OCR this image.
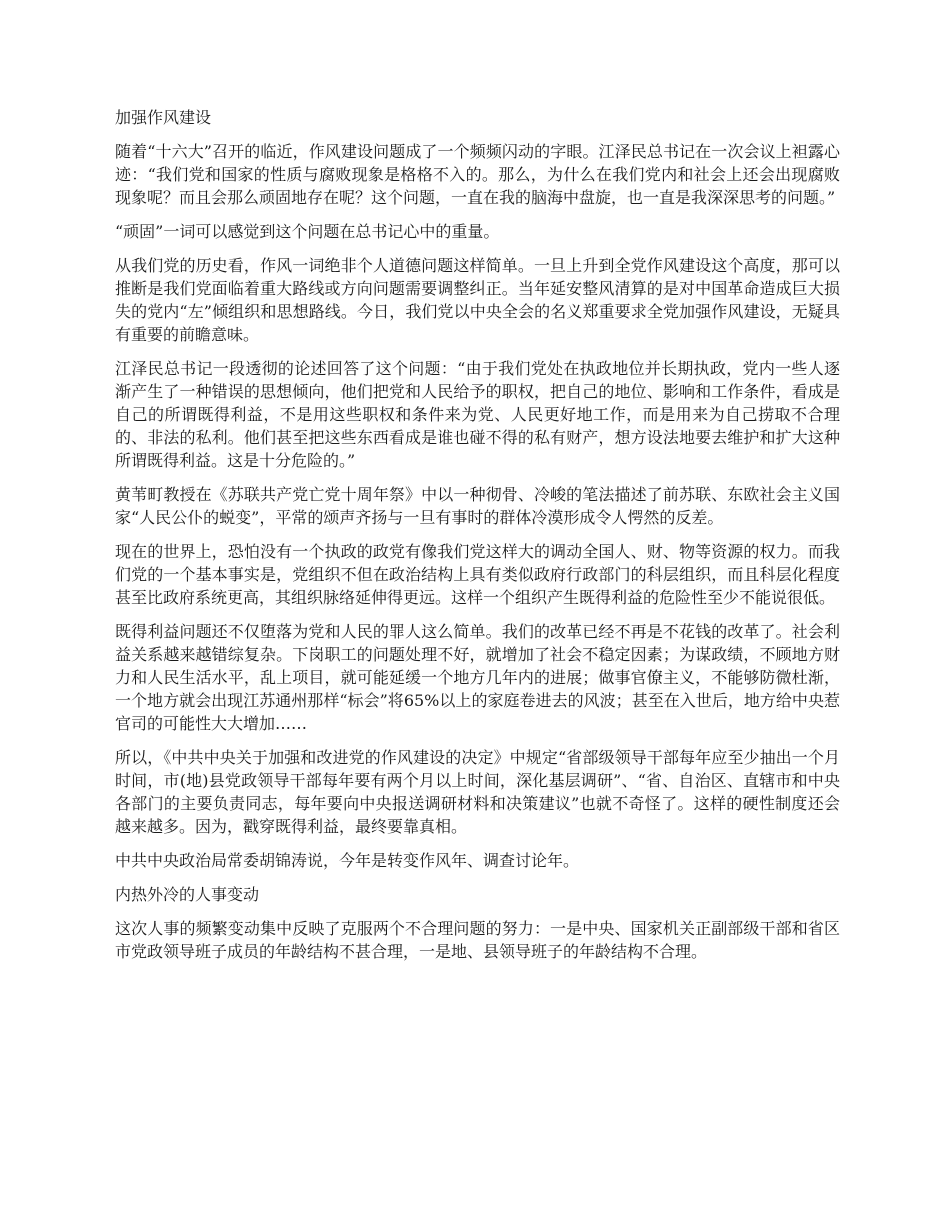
加强作风建设

随着“十六大”召开的临近，作风建设问题成了一个频频闪动的字眼。江泽民总书记在一次会议上袒露心迹：“我们党和国家的性质与腐败现象是格格不入的。那么，为什么在我们党内和社会上还会出现腐败现象呢？而且会那么顽固地存在呢？这个问题，一直在我的脑海中盘旋，也一直是我深深思考的问题。”

“顽固”一词可以感觉到这个问题在总书记心中的重量。

从我们党的历史看，作风一词绝非个人道德问题这样简单。一旦上升到全党作风建设这个高度，那可以推断是我们党面临着重大路线或方向问题需要调整纠正。当年延安整风清算的是对中国革命造成巨大损失的党内“左”倾组织和思想路线。今日，我们党以中央全会的名义郑重要求全党加强作风建设，无疑具有重要的前瞻意味。

江泽民总书记一段透彻的论述回答了这个问题：“由于我们党处在执政地位并长期执政，党内一些人逐渐产生了一种错误的思想倾向，他们把党和人民给予的职权，把自己的地位、影响和工作条件，看成是自己的所谓既得利益，不是用这些职权和条件来为党、人民更好地工作，而是用来为自己捞取不合理的、非法的私利。他们甚至把这些东西看成是谁也碰不得的私有财产，想方设法地要去维护和扩大这种所谓既得利益。这是十分危险的。”

黄苇町教授在《苏联共产党亡党十周年祭》中以一种彻骨、冷峻的笔法描述了前苏联、东欧社会主义国家“人民公仆的蜕变”，平常的颂声齐扬与一旦有事时的群体冷漠形成令人愕然的反差。

现在的世界上，恐怕没有一个执政的政党有像我们党这样大的调动全国人、财、物等资源的权力。而我们党的一个基本事实是，党组织不但在政治结构上具有类似政府行政部门的科层组织，而且科层化程度甚至比政府系统更高，其组织脉络延伸得更远。这样一个组织产生既得利益的危险性至少不能说很低。

既得利益问题还不仅堕落为党和人民的罪人这么简单。我们的改革已经不再是不花钱的改革了。社会利益关系越来越错综复杂。下岗职工的问题处理不好，就增加了社会不稳定因素；为谋政绩，不顾地方财力和人民生活水平，乱上项目，就可能延缓一个地方几年内的进展；做事官僚主义，不能够防微杜渐，一个地方就会出现江苏通州那样“标会”将65%以上的家庭卷进去的风波；甚至在入世后，地方给中央惹官司的可能性大大增加……

所以，《中共中央关于加强和改进党的作风建设的决定》中规定“省部级领导干部每年应至少抽出一个月时间，市(地)县党政领导干部每年要有两个月以上时间，深化基层调研”、“省、自治区、直辖市和中央各部门的主要负责同志，每年要向中央报送调研材料和决策建议”也就不奇怪了。这样的硬性制度还会越来越多。因为，戳穿既得利益，最终要靠真相。

中共中央政治局常委胡锦涛说，今年是转变作风年、调查讨论年。

内热外冷的人事变动

这次人事的频繁变动集中反映了克服两个不合理问题的努力：一是中央、国家机关正副部级干部和省区市党政领导班子成员的年龄结构不甚合理，一是地、县领导班子的年龄结构不合理。
